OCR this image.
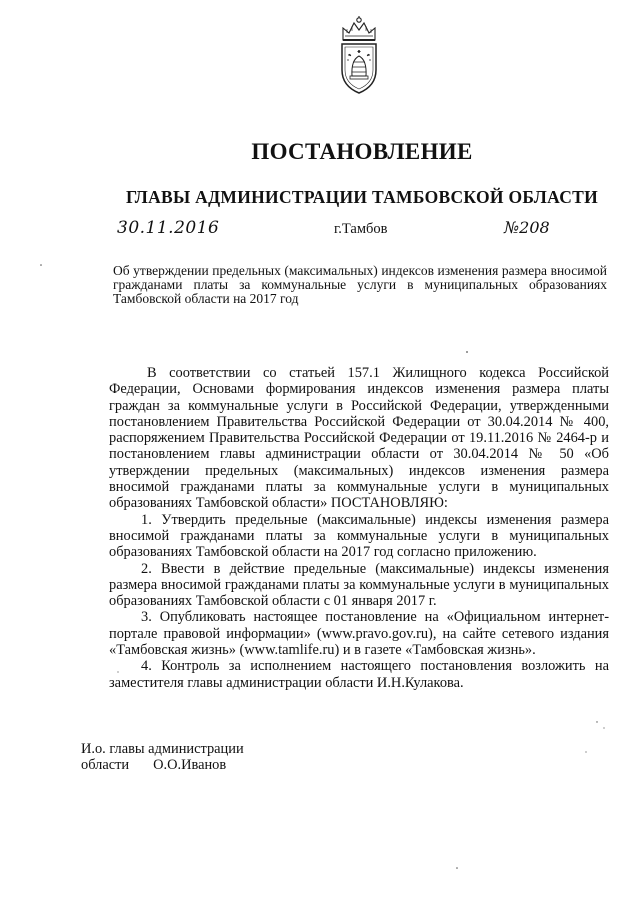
ПОСТАНОВЛЕНИЕ
ГЛАВЫ АДМИНИСТРАЦИИ ТАМБОВСКОЙ ОБЛАСТИ
30.11.2016	г.Тамбов	№208
Об утверждении предельных (максимальных) индексов изменения размера вносимой гражданами платы за коммунальные услуги в муниципальных образованиях Тамбовской области на 2017 год

В соответствии со статьей 157.1 Жилищного кодекса Российской Федерации, Основами формирования индексов изменения размера платы граждан за коммунальные услуги в Российской Федерации, утвержденными постановлением Правительства Российской Федерации от 30.04.2014 № 400, распоряжением Правительства Российской Федерации от 19.11.2016 № 2464-р и постановлением главы администрации области от 30.04.2014 № 50 «Об утверждении предельных (максимальных) индексов изменения размера вносимой гражданами платы за коммунальные услуги в муниципальных образованиях Тамбовской области» ПОСТАНОВЛЯЮ:

1. Утвердить предельные (максимальные) индексы изменения размера вносимой гражданами платы за коммунальные услуги в муниципальных образованиях Тамбовской области на 2017 год согласно приложению.

2. Ввести в действие предельные (максимальные) индексы изменения размера вносимой гражданами платы за коммунальные услуги в муниципальных образованиях Тамбовской области с 01 января 2017 г.

3. Опубликовать настоящее постановление на «Официальном интернет-портале правовой информации» (www.pravo.gov.ru), на сайте сетевого издания «Тамбовская жизнь» (www.tamlife.ru) и в газете «Тамбовская жизнь».

4. Контроль за исполнением настоящего постановления возложить на заместителя главы администрации области И.Н.Кулакова.

И.о. главы администрации
области О.О.Иванов
